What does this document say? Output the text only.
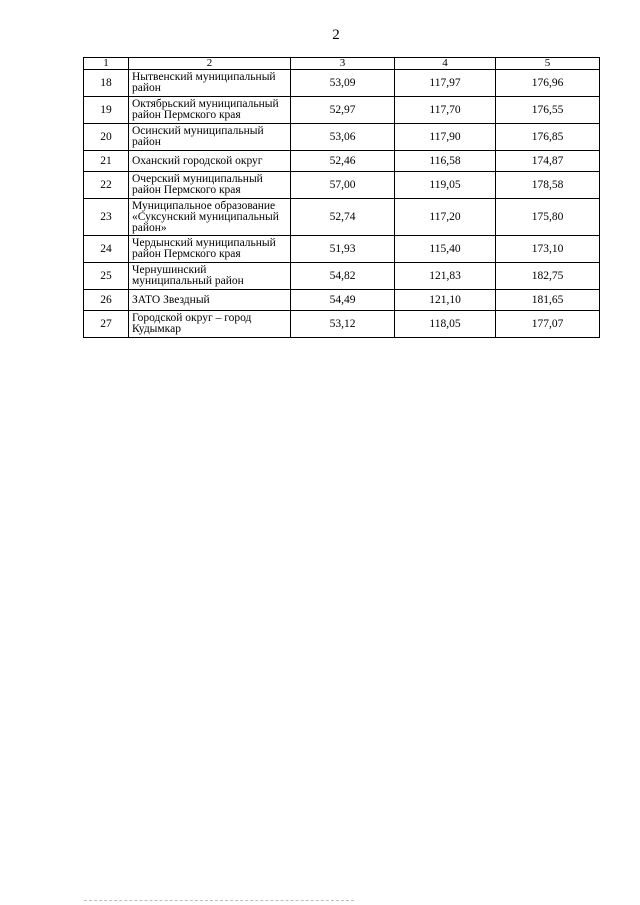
2
1	2	3	4	5
18	Нытвенский муниципальный район	53,09	117,97	176,96
19	Октябрьский муниципальный район Пермского края	52,97	117,70	176,55
20	Осинский муниципальный район	53,06	117,90	176,85
21	Оханский городской округ	52,46	116,58	174,87
22	Очерский муниципальный район Пермского края	57,00	119,05	178,58
23	Муниципальное образование «Суксунский муниципальный район»	52,74	117,20	175,80
24	Чердынский муниципальный район Пермского края	51,93	115,40	173,10
25	Чернушинский муниципальный район	54,82	121,83	182,75
26	ЗАТО Звездный	54,49	121,10	181,65
27	Городской округ – город Кудымкар	53,12	118,05	177,07
